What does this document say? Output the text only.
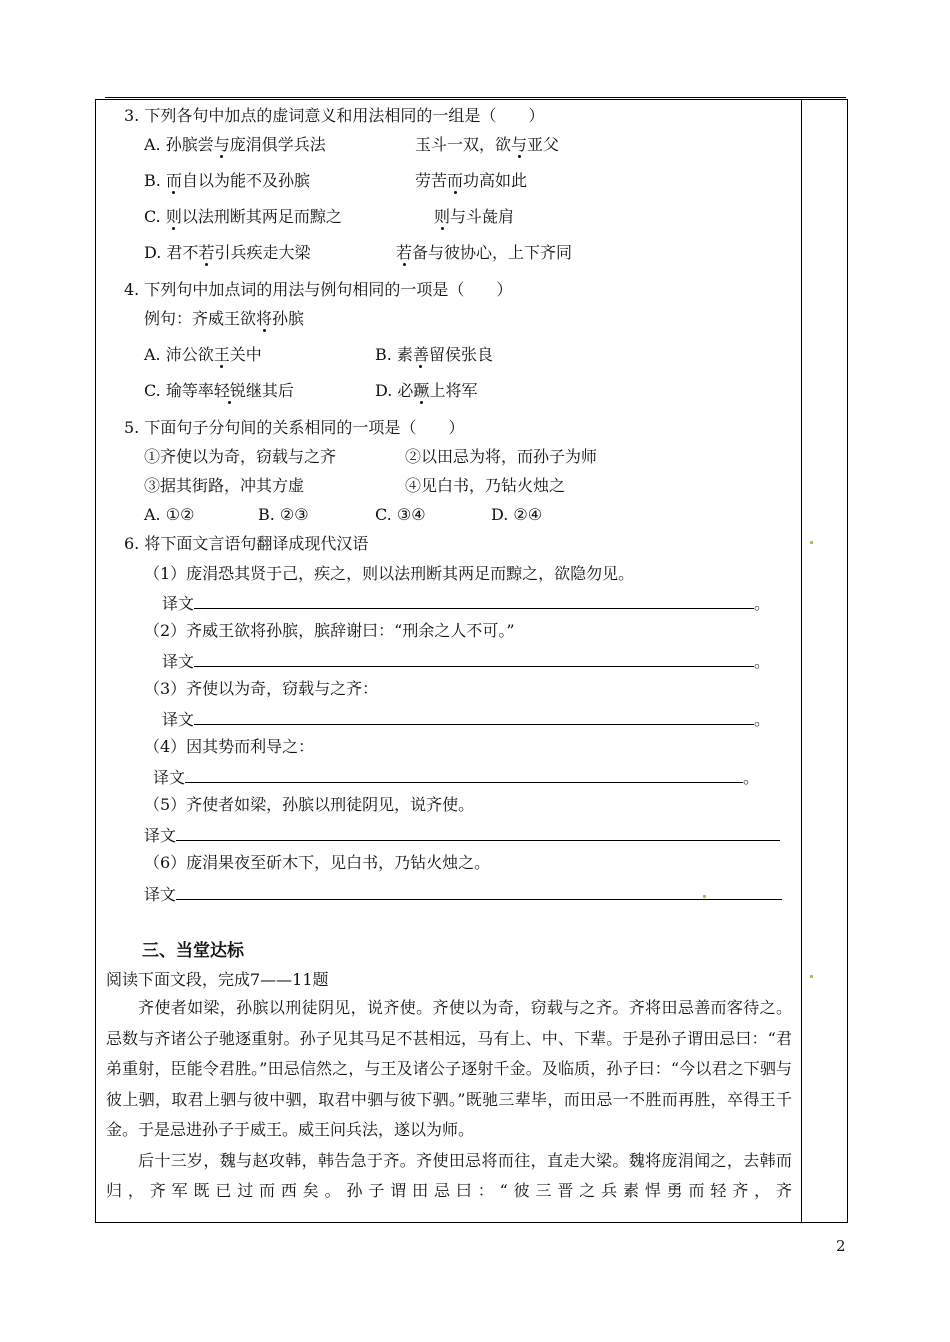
3. 下列各句中加点的虚词意义和用法相同的一组是（　　）
A. 孙膑尝与庞涓俱学兵法	玉斗一双，欲与亚父
B. 而自以为能不及孙膑	劳苦而功高如此
C. 则以法刑断其两足而黥之	则与斗彘肩
D. 君不若引兵疾走大梁	若备与彼协心，上下齐同
4. 下列句中加点词的用法与例句相同的一项是（　　）
例句：齐威王欲将孙膑
A. 沛公欲王关中	B. 素善留侯张良
C. 瑜等率轻锐继其后	D. 必蹶上将军
5. 下面句子分句间的关系相同的一项是（　　）
①齐使以为奇，窃载与之齐	②以田忌为将，而孙子为师
③据其街路，冲其方虚	④见白书，乃钻火烛之
A. ①②	B. ②③	C. ③④	D. ②④
6. 将下面文言语句翻译成现代汉语
（1）庞涓恐其贤于己，疾之，则以法刑断其两足而黥之，欲隐勿见。
译文	。
（2）齐威王欲将孙膑，膑辞谢曰：“刑余之人不可。”
译文	。
（3）齐使以为奇，窃载与之齐：
译文	。
（4）因其势而利导之：
译文	。
（5）齐使者如梁，孙膑以刑徒阴见，说齐使。
译文
（6）庞涓果夜至斫木下，见白书，乃钻火烛之。
译文
三、当堂达标
阅读下面文段，完成7——11题

齐使者如梁，孙膑以刑徒阴见，说齐使。齐使以为奇，窃载与之齐。齐将田忌善而客待之。忌数与齐诸公子驰逐重射。孙子见其马足不甚相远，马有上、中、下辈。于是孙子谓田忌曰：“君弟重射，臣能令君胜。”田忌信然之，与王及诸公子逐射千金。及临质，孙子曰：“今以君之下驷与彼上驷，取君上驷与彼中驷，取君中驷与彼下驷。”既驰三辈毕，而田忌一不胜而再胜，卒得王千金。于是忌进孙子于威王。威王问兵法，遂以为师。

后十三岁，魏与赵攻韩，韩告急于齐。齐使田忌将而往，直走大梁。魏将庞涓闻之，去韩而归，齐军既已过而西矣。孙子谓田忌曰：“彼三晋之兵素悍勇而轻齐，齐

2
